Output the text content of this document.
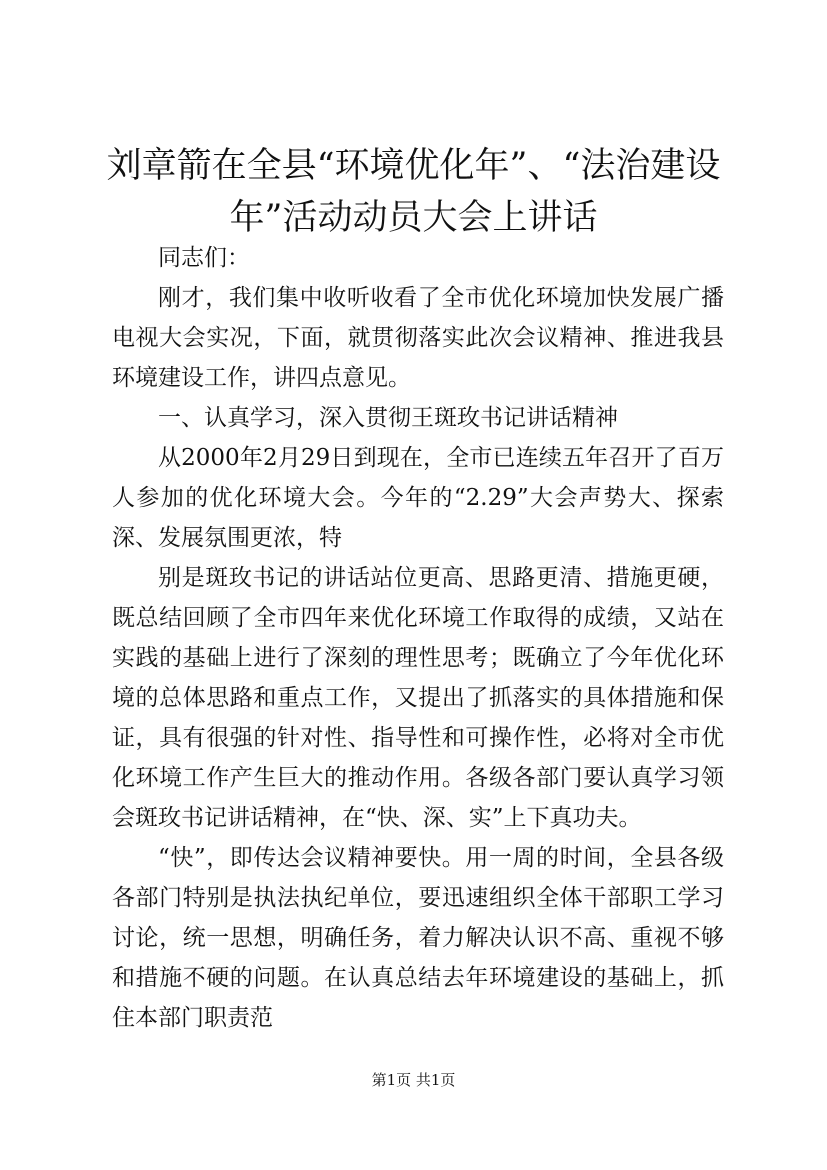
刘章箭在全县“环境优化年”、“法治建设
年”活动动员大会上讲话

同志们：

刚才，我们集中收听收看了全市优化环境加快发展广播电视大会实况，下面，就贯彻落实此次会议精神、推进我县环境建设工作，讲四点意见。

一、认真学习，深入贯彻王斑玫书记讲话精神

从2000年2月29日到现在，全市已连续五年召开了百万人参加的优化环境大会。今年的“2.29”大会声势大、探索深、发展氛围更浓，特

别是斑玫书记的讲话站位更高、思路更清、措施更硬，既总结回顾了全市四年来优化环境工作取得的成绩，又站在实践的基础上进行了深刻的理性思考；既确立了今年优化环境的总体思路和重点工作，又提出了抓落实的具体措施和保证，具有很强的针对性、指导性和可操作性，必将对全市优化环境工作产生巨大的推动作用。各级各部门要认真学习领会斑玫书记讲话精神，在“快、深、实”上下真功夫。

“快”，即传达会议精神要快。用一周的时间，全县各级各部门特别是执法执纪单位，要迅速组织全体干部职工学习讨论，统一思想，明确任务，着力解决认识不高、重视不够和措施不硬的问题。在认真总结去年环境建设的基础上，抓住本部门职责范

第1页 共1页
